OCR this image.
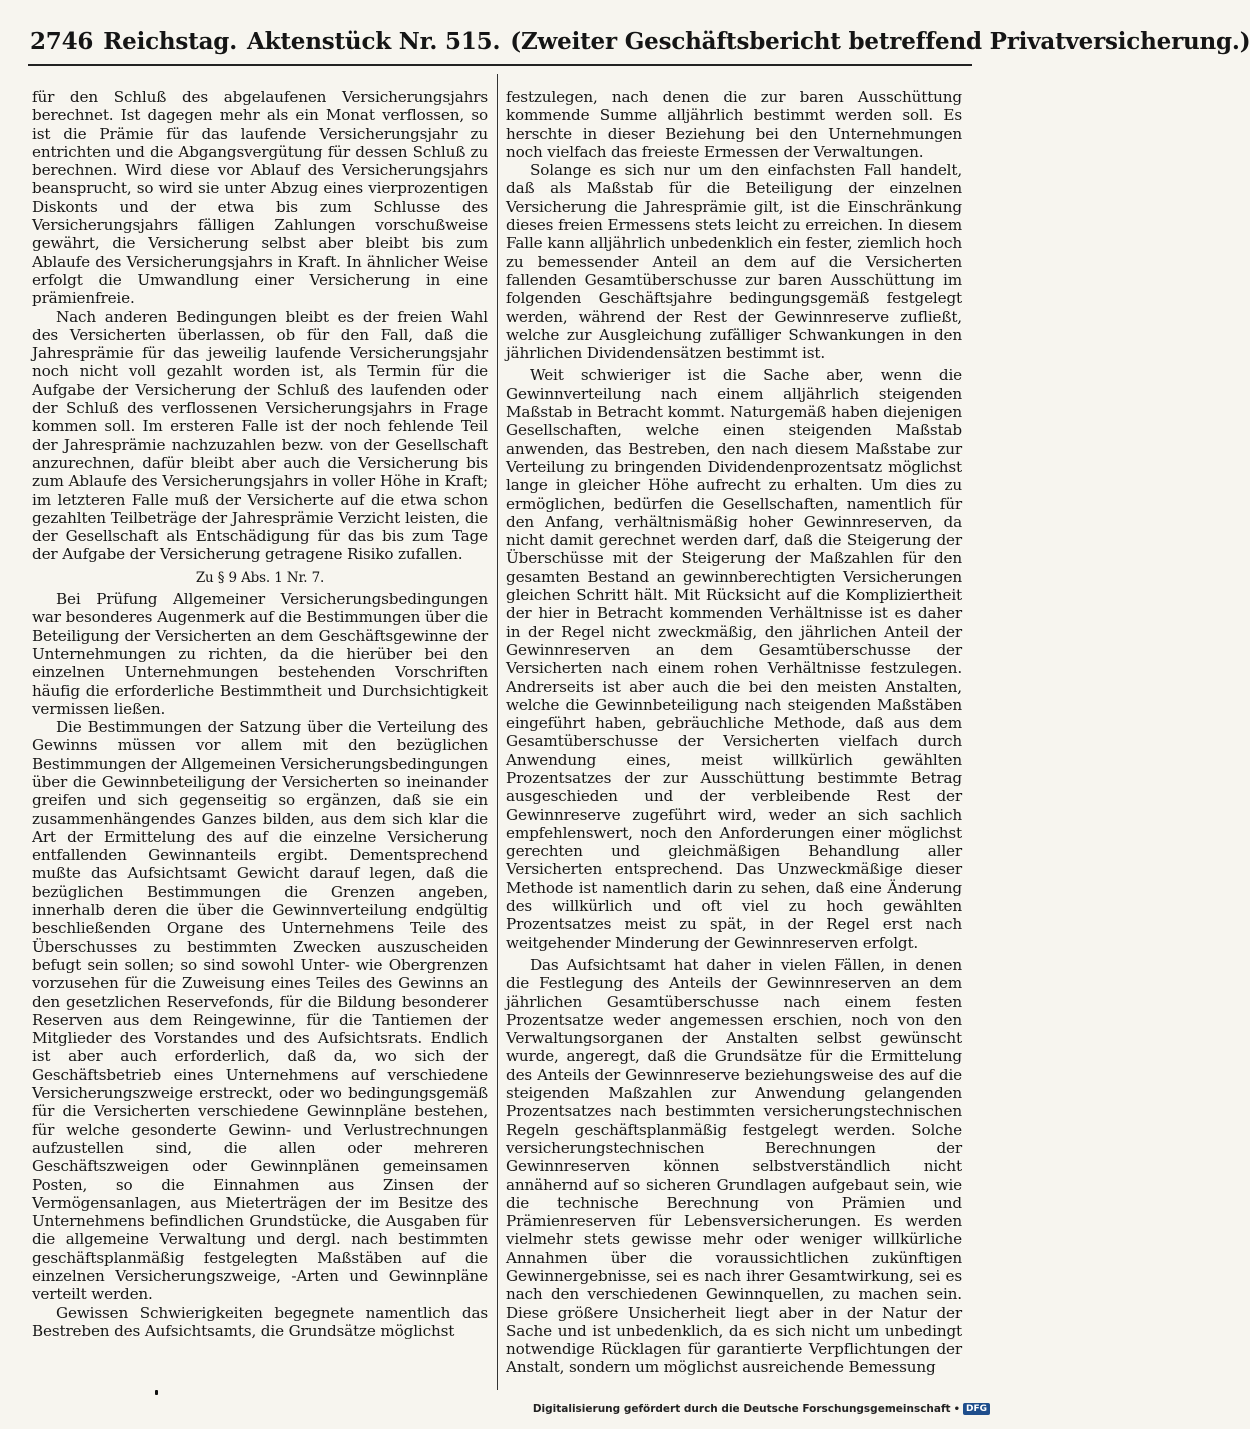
2746 Reichstag. Aktenstück Nr. 515. (Zweiter Geschäftsbericht betreffend Privatversicherung.)

für den Schluß des abgelaufenen Versicherungsjahrs berechnet. Ist dagegen mehr als ein Monat verflossen, so ist die Prämie für das laufende Versicherungsjahr zu entrichten und die Abgangsvergütung für dessen Schluß zu berechnen. Wird diese vor Ablauf des Versicherungsjahrs beansprucht, so wird sie unter Abzug eines vierprozentigen Diskonts und der etwa bis zum Schlusse des Versicherungsjahrs fälligen Zahlungen vorschußweise gewährt, die Versicherung selbst aber bleibt bis zum Ablaufe des Versicherungsjahrs in Kraft. In ähnlicher Weise erfolgt die Umwandlung einer Versicherung in eine prämienfreie.

Nach anderen Bedingungen bleibt es der freien Wahl des Versicherten überlassen, ob für den Fall, daß die Jahresprämie für das jeweilig laufende Versicherungsjahr noch nicht voll gezahlt worden ist, als Termin für die Aufgabe der Versicherung der Schluß des laufenden oder der Schluß des verflossenen Versicherungsjahrs in Frage kommen soll. Im ersteren Falle ist der noch fehlende Teil der Jahresprämie nachzuzahlen bezw. von der Gesellschaft anzurechnen, dafür bleibt aber auch die Versicherung bis zum Ablaufe des Versicherungsjahrs in voller Höhe in Kraft; im letzteren Falle muß der Versicherte auf die etwa schon gezahlten Teilbeträge der Jahresprämie Verzicht leisten, die der Gesellschaft als Entschädigung für das bis zum Tage der Aufgabe der Versicherung getragene Risiko zufallen.

Zu § 9 Abs. 1 Nr. 7.

Bei Prüfung Allgemeiner Versicherungsbedingungen war besonderes Augenmerk auf die Bestimmungen über die Beteiligung der Versicherten an dem Geschäftsgewinne der Unternehmungen zu richten, da die hierüber bei den einzelnen Unternehmungen bestehenden Vorschriften häufig die erforderliche Bestimmtheit und Durchsichtigkeit vermissen ließen.

Die Bestimmungen der Satzung über die Verteilung des Gewinns müssen vor allem mit den bezüglichen Bestimmungen der Allgemeinen Versicherungsbedingungen über die Gewinnbeteiligung der Versicherten so ineinander greifen und sich gegenseitig so ergänzen, daß sie ein zusammenhängendes Ganzes bilden, aus dem sich klar die Art der Ermittelung des auf die einzelne Versicherung entfallenden Gewinnanteils ergibt. Dementsprechend mußte das Aufsichtsamt Gewicht darauf legen, daß die bezüglichen Bestimmungen die Grenzen angeben, innerhalb deren die über die Gewinnverteilung endgültig beschließenden Organe des Unternehmens Teile des Überschusses zu bestimmten Zwecken auszuscheiden befugt sein sollen; so sind sowohl Unter- wie Obergrenzen vorzusehen für die Zuweisung eines Teiles des Gewinns an den gesetzlichen Reservefonds, für die Bildung besonderer Reserven aus dem Reingewinne, für die Tantiemen der Mitglieder des Vorstandes und des Aufsichtsrats. Endlich ist aber auch erforderlich, daß da, wo sich der Geschäftsbetrieb eines Unternehmens auf verschiedene Versicherungszweige erstreckt, oder wo bedingungsgemäß für die Versicherten verschiedene Gewinnpläne bestehen, für welche gesonderte Gewinn- und Verlustrechnungen aufzustellen sind, die allen oder mehreren Geschäftszweigen oder Gewinnplänen gemeinsamen Posten, so die Einnahmen aus Zinsen der Vermögensanlagen, aus Mieterträgen der im Besitze des Unternehmens befindlichen Grundstücke, die Ausgaben für die allgemeine Verwaltung und dergl. nach bestimmten geschäftsplanmäßig festgelegten Maßstäben auf die einzelnen Versicherungszweige, -Arten und Gewinnpläne verteilt werden.

Gewissen Schwierigkeiten begegnete namentlich das Bestreben des Aufsichtsamts, die Grundsätze möglichst

festzulegen, nach denen die zur baren Ausschüttung kommende Summe alljährlich bestimmt werden soll. Es herschte in dieser Beziehung bei den Unternehmungen noch vielfach das freieste Ermessen der Verwaltungen.

Solange es sich nur um den einfachsten Fall handelt, daß als Maßstab für die Beteiligung der einzelnen Versicherung die Jahresprämie gilt, ist die Einschränkung dieses freien Ermessens stets leicht zu erreichen. In diesem Falle kann alljährlich unbedenklich ein fester, ziemlich hoch zu bemessender Anteil an dem auf die Versicherten fallenden Gesamtüberschusse zur baren Ausschüttung im folgenden Geschäftsjahre bedingungsgemäß festgelegt werden, während der Rest der Gewinnreserve zufließt, welche zur Ausgleichung zufälliger Schwankungen in den jährlichen Dividendensätzen bestimmt ist.

Weit schwieriger ist die Sache aber, wenn die Gewinnverteilung nach einem alljährlich steigenden Maßstab in Betracht kommt. Naturgemäß haben diejenigen Gesellschaften, welche einen steigenden Maßstab anwenden, das Bestreben, den nach diesem Maßstabe zur Verteilung zu bringenden Dividendenprozentsatz möglichst lange in gleicher Höhe aufrecht zu erhalten. Um dies zu ermöglichen, bedürfen die Gesellschaften, namentlich für den Anfang, verhältnismäßig hoher Gewinnreserven, da nicht damit gerechnet werden darf, daß die Steigerung der Überschüsse mit der Steigerung der Maßzahlen für den gesamten Bestand an gewinnberechtigten Versicherungen gleichen Schritt hält. Mit Rücksicht auf die Kompliziertheit der hier in Betracht kommenden Verhältnisse ist es daher in der Regel nicht zweckmäßig, den jährlichen Anteil der Gewinnreserven an dem Gesamtüberschusse der Versicherten nach einem rohen Verhältnisse festzulegen. Andrerseits ist aber auch die bei den meisten Anstalten, welche die Gewinnbeteiligung nach steigenden Maßstäben eingeführt haben, gebräuchliche Methode, daß aus dem Gesamtüberschusse der Versicherten vielfach durch Anwendung eines, meist willkürlich gewählten Prozentsatzes der zur Ausschüttung bestimmte Betrag ausgeschieden und der verbleibende Rest der Gewinnreserve zugeführt wird, weder an sich sachlich empfehlenswert, noch den Anforderungen einer möglichst gerechten und gleichmäßigen Behandlung aller Versicherten entsprechend. Das Unzweckmäßige dieser Methode ist namentlich darin zu sehen, daß eine Änderung des willkürlich und oft viel zu hoch gewählten Prozentsatzes meist zu spät, in der Regel erst nach weitgehender Minderung der Gewinnreserven erfolgt.

Das Aufsichtsamt hat daher in vielen Fällen, in denen die Festlegung des Anteils der Gewinnreserven an dem jährlichen Gesamtüberschusse nach einem festen Prozentsatze weder angemessen erschien, noch von den Verwaltungsorganen der Anstalten selbst gewünscht wurde, angeregt, daß die Grundsätze für die Ermittelung des Anteils der Gewinnreserve beziehungsweise des auf die steigenden Maßzahlen zur Anwendung gelangenden Prozentsatzes nach bestimmten versicherungstechnischen Regeln geschäftsplanmäßig festgelegt werden. Solche versicherungstechnischen Berechnungen der Gewinnreserven können selbstverständlich nicht annähernd auf so sicheren Grundlagen aufgebaut sein, wie die technische Berechnung von Prämien und Prämienreserven für Lebensversicherungen. Es werden vielmehr stets gewisse mehr oder weniger willkürliche Annahmen über die voraussichtlichen zukünftigen Gewinnergebnisse, sei es nach ihrer Gesamtwirkung, sei es nach den verschiedenen Gewinnquellen, zu machen sein. Diese größere Unsicherheit liegt aber in der Natur der Sache und ist unbedenklich, da es sich nicht um unbedingt notwendige Rücklagen für garantierte Verpflichtungen der Anstalt, sondern um möglichst ausreichende Bemessung

Digitalisierung gefördert durch die Deutsche Forschungsgemeinschaft • DFG
